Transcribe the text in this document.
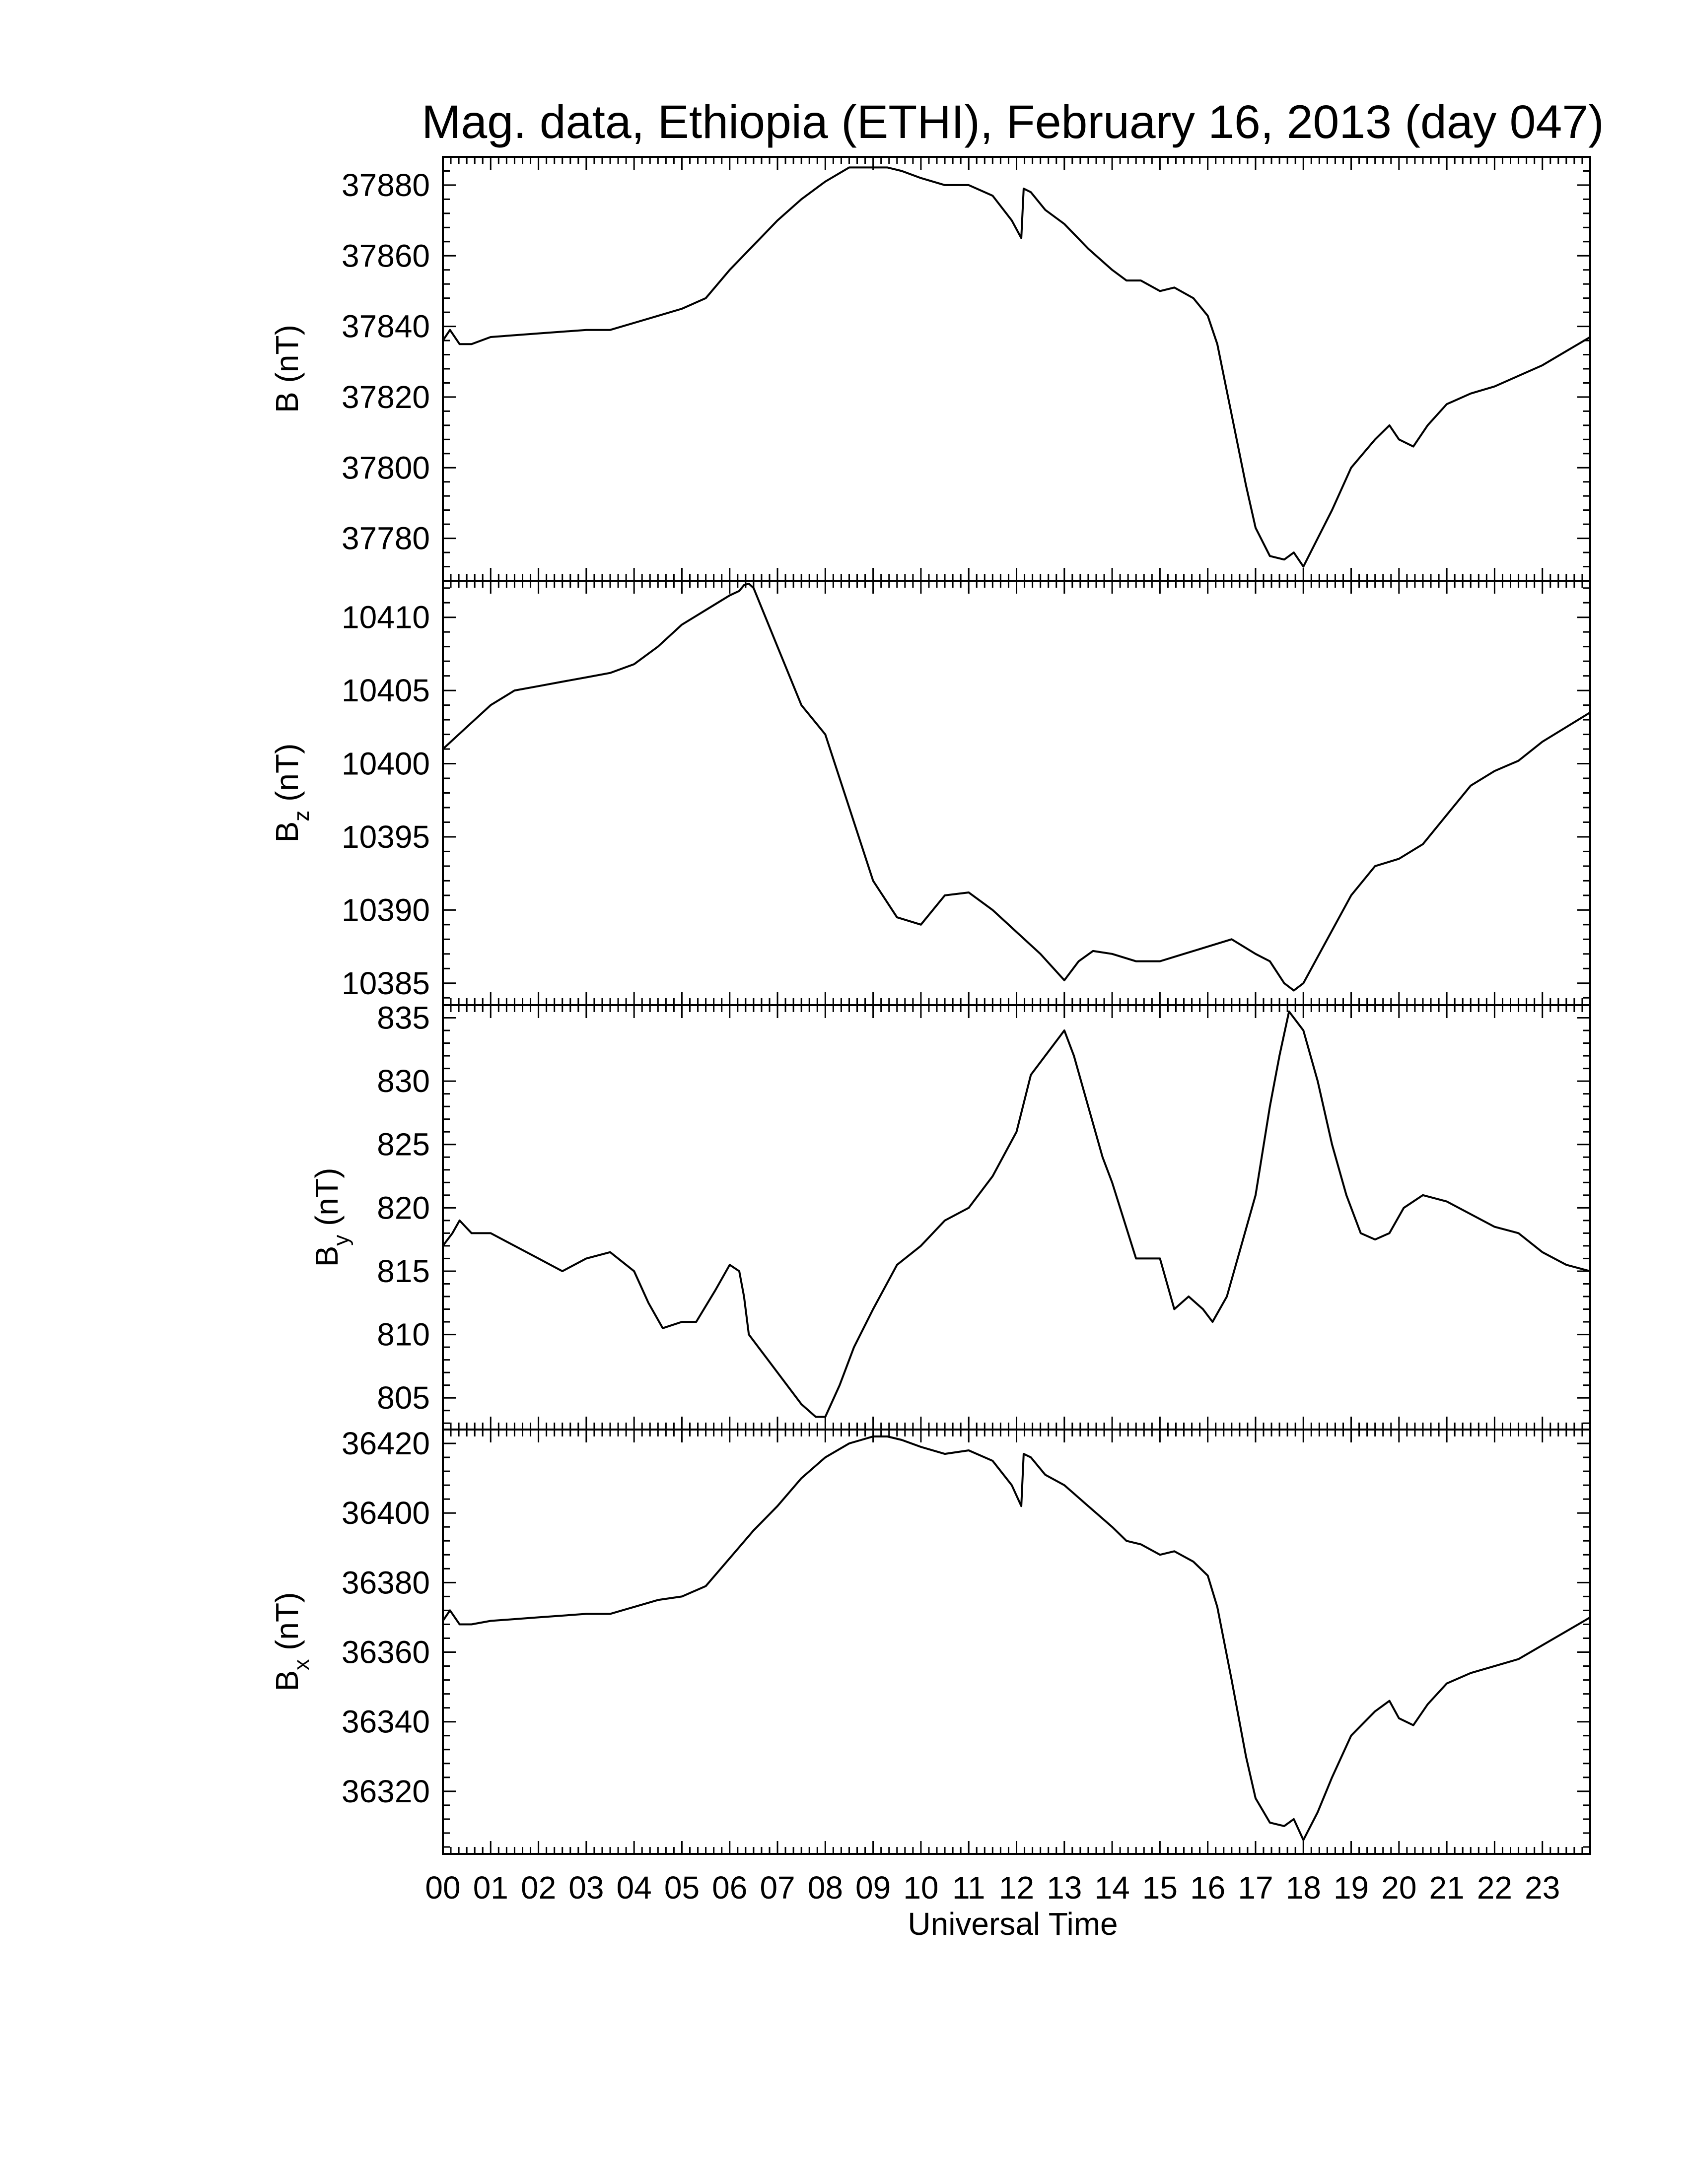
Mag. data, Ethiopia (ETHI), February 16, 2013 (day 047)
37780
37800
37820
37840
37860
37880
B (nT)
10385
10390
10395
10400
10405
10410
$B_z$ (nT)
805
810
815
820
825
830
835
$B_y$ (nT)
36320
36340
36360
36380
36400
36420
$B_x$ (nT)
00 01 02 03 04 05 06 07 08 09 10 11 12 13 14 15 16 17 18 19 20 21 22 23
Universal Time
